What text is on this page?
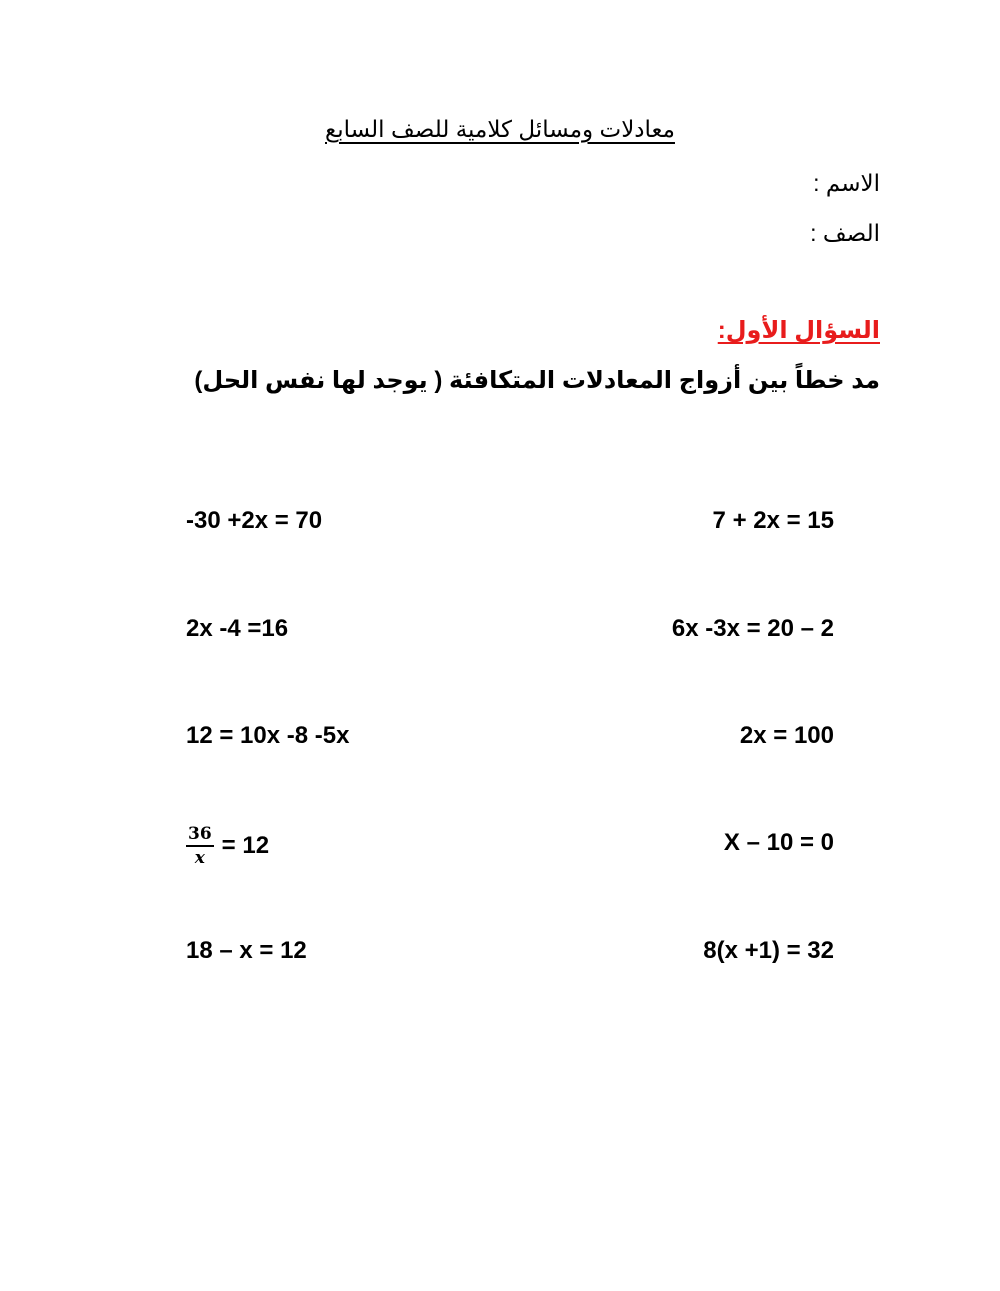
معادلات ومسائل كلامية للصف السابع
الاسم :
الصف :
السؤال الأول:
مد خطاً بين أزواج المعادلات المتكافئة ( يوجد لها نفس الحل)
7 + 2x = 15
6x -3x = 20 – 2
2x = 100
X – 10 = 0
8(x +1) = 32
-30 +2x = 70
2x -4 =16
12 = 10x -8 -5x
$\frac{36}{x} = 12$
18 – x = 12
